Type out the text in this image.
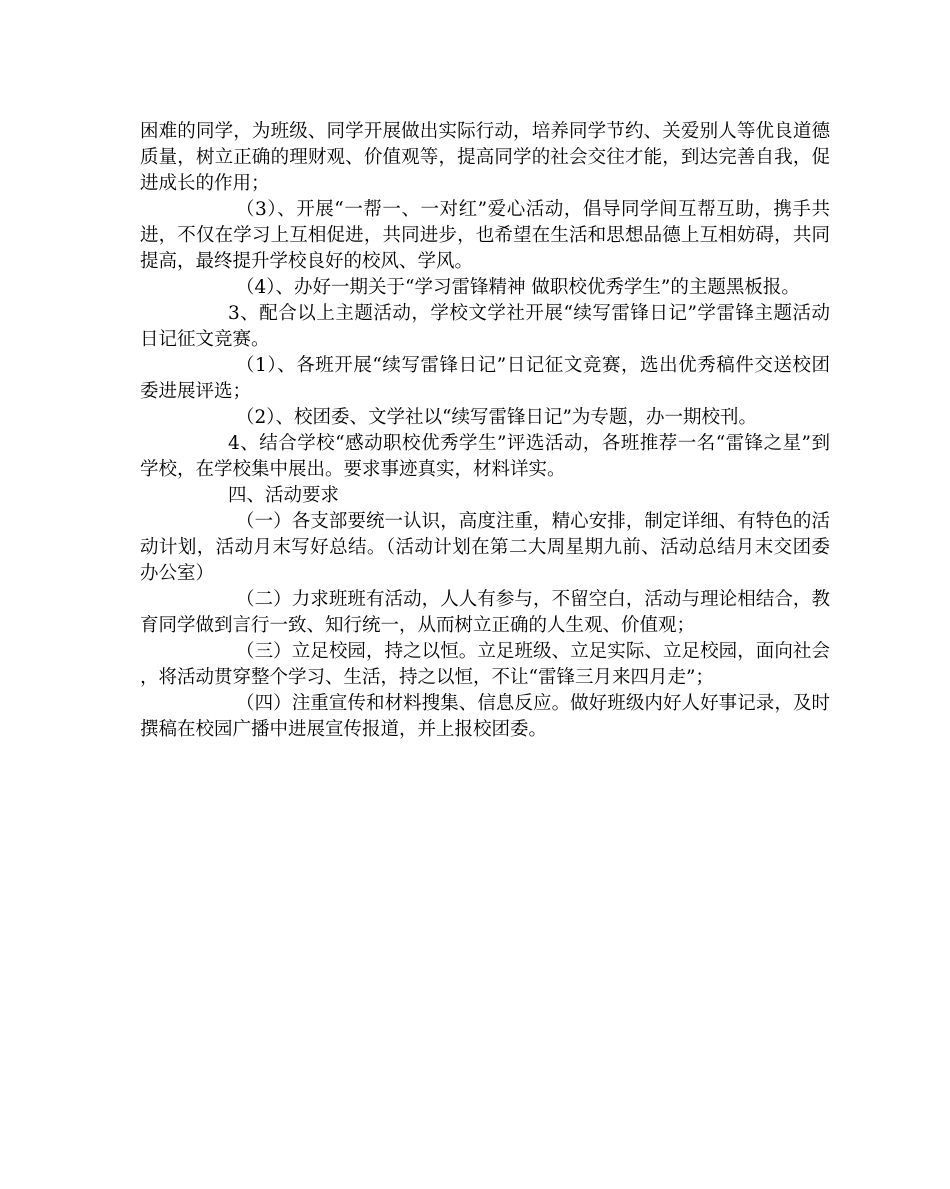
困难的同学，为班级、同学开展做出实际行动，培养同学节约、关爱别人等优良道德质量，树立正确的理财观、价值观等，提高同学的社会交往才能，到达完善自我，促进成长的作用；

（3）、开展“一帮一、一对红”爱心活动，倡导同学间互帮互助，携手共进，不仅在学习上互相促进，共同进步，也希望在生活和思想品德上互相妨碍，共同提高，最终提升学校良好的校风、学风。

（4）、办好一期关于“学习雷锋精神 做职校优秀学生”的主题黑板报。

3、配合以上主题活动，学校文学社开展“续写雷锋日记”学雷锋主题活动日记征文竞赛。

（1）、各班开展“续写雷锋日记”日记征文竞赛，选出优秀稿件交送校团委进展评选；

（2）、校团委、文学社以“续写雷锋日记”为专题，办一期校刊。

4、结合学校“感动职校优秀学生”评选活动，各班推荐一名“雷锋之星”到学校，在学校集中展出。要求事迹真实，材料详实。

四、活动要求

（一）各支部要统一认识，高度注重，精心安排，制定详细、有特色的活动计划，活动月末写好总结。（活动计划在第二大周星期九前、活动总结月末交团委办公室）

（二）力求班班有活动，人人有参与，不留空白，活动与理论相结合，教育同学做到言行一致、知行统一，从而树立正确的人生观、价值观；

（三）立足校园，持之以恒。立足班级、立足实际、立足校园，面向社会，将活动贯穿整个学习、生活，持之以恒，不让“雷锋三月来四月走”；

（四）注重宣传和材料搜集、信息反应。做好班级内好人好事记录，及时撰稿在校园广播中进展宣传报道，并上报校团委。
